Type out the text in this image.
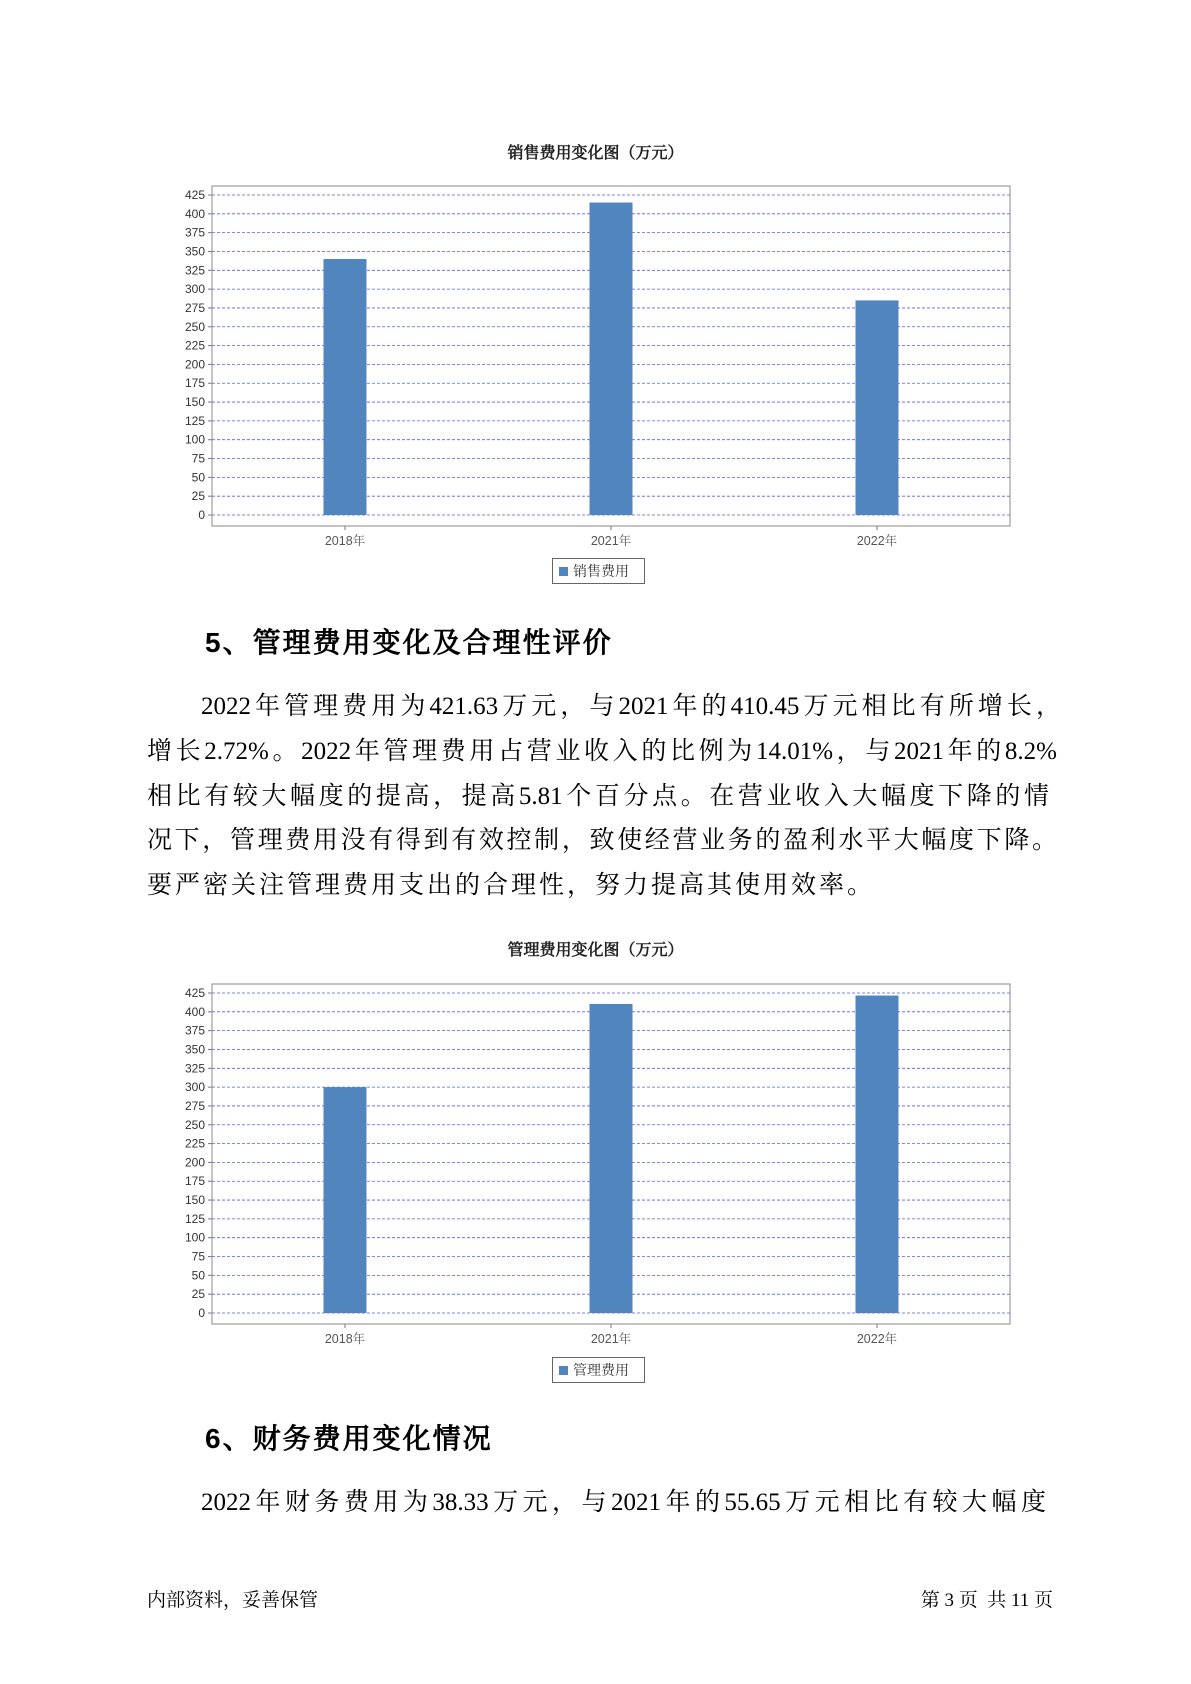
销售费用变化图（万元）
0
25
50
75
100
125
150
175
200
225
250
275
300
325
350
375
400
425
2018年	2021年	2022年
销售费用
5、管理费用变化及合理性评价
2022年管理费用为421.63万元，与2021年的410.45万元相比有所增长，
增长2.72%。2022年管理费用占营业收入的比例为14.01%，与2021年的8.2%
相比有较大幅度的提高，提高5.81个百分点。在营业收入大幅度下降的情
况下，管理费用没有得到有效控制，致使经营业务的盈利水平大幅度下降。
要严密关注管理费用支出的合理性，努力提高其使用效率。
管理费用变化图（万元）
0
25
50
75
100
125
150
175
200
225
250
275
300
325
350
375
400
425
2018年	2021年	2022年
管理费用
6、财务费用变化情况
2022年财务费用为38.33万元，与2021年的55.65万元相比有较大幅度
内部资料，妥善保管	第 3 页  共 11 页
